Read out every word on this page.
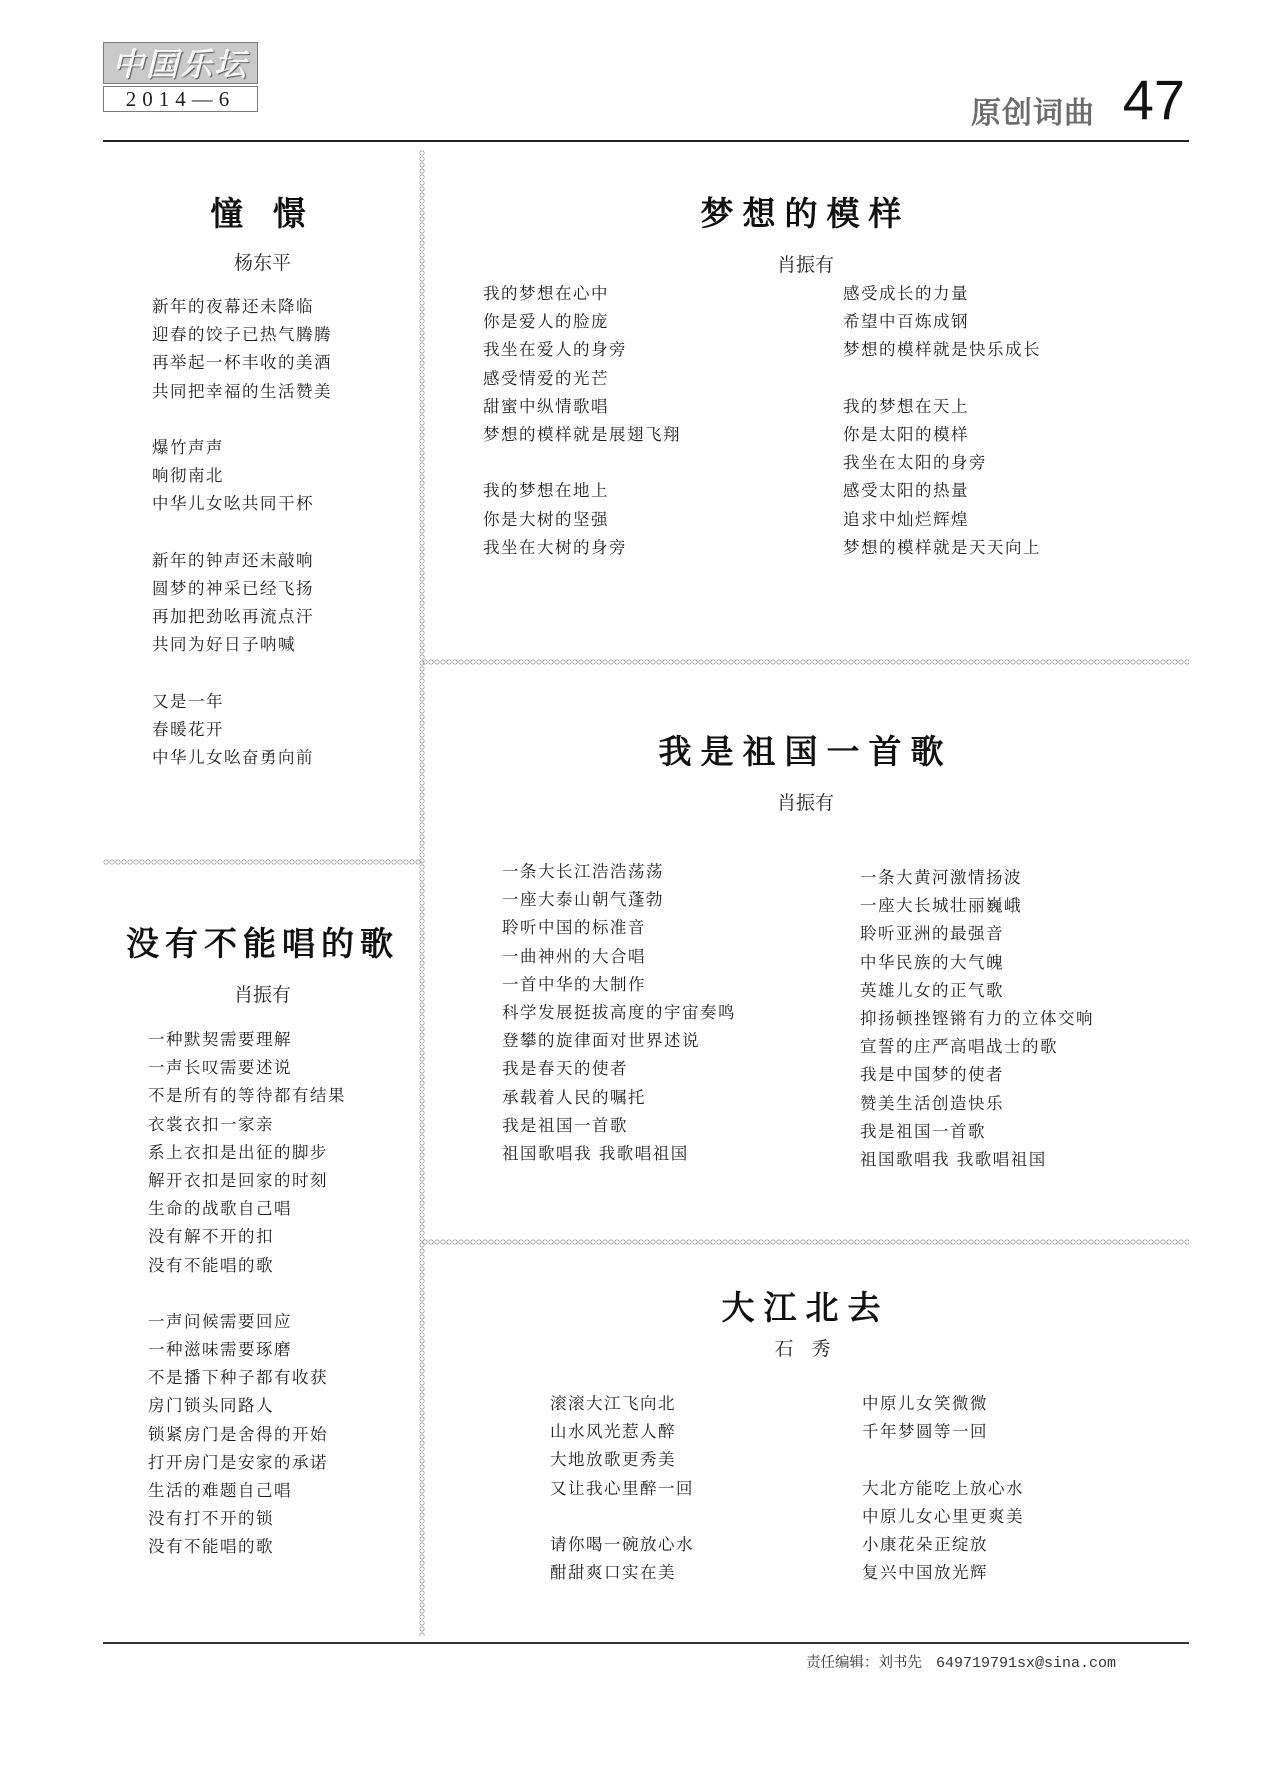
中国乐坛
2014—6	原创词曲 47
憧 憬
杨东平
新年的夜幕还未降临
迎春的饺子已热气腾腾
再举起一杯丰收的美酒
共同把幸福的生活赞美
爆竹声声
响彻南北
中华儿女吆共同干杯
新年的钟声还未敲响
圆梦的神采已经飞扬
再加把劲吆再流点汗
共同为好日子呐喊
又是一年
春暖花开
中华儿女吆奋勇向前
没有不能唱的歌
肖振有
一种默契需要理解
一声长叹需要述说
不是所有的等待都有结果
衣裳衣扣一家亲
系上衣扣是出征的脚步
解开衣扣是回家的时刻
生命的战歌自己唱
没有解不开的扣
没有不能唱的歌
一声问候需要回应
一种滋味需要琢磨
不是播下种子都有收获
房门锁头同路人
锁紧房门是舍得的开始
打开房门是安家的承诺
生活的难题自己唱
没有打不开的锁
没有不能唱的歌
梦想的模样
肖振有
我的梦想在心中
你是爱人的脸庞
我坐在爱人的身旁
感受情爱的光芒
甜蜜中纵情歌唱
梦想的模样就是展翅飞翔
我的梦想在地上
你是大树的坚强
我坐在大树的身旁
感受成长的力量
希望中百炼成钢
梦想的模样就是快乐成长
我的梦想在天上
你是太阳的模样
我坐在太阳的身旁
感受太阳的热量
追求中灿烂辉煌
梦想的模样就是天天向上
我是祖国一首歌
肖振有
一条大长江浩浩荡荡
一座大泰山朝气蓬勃
聆听中国的标准音
一曲神州的大合唱
一首中华的大制作
科学发展挺拔高度的宇宙奏鸣
登攀的旋律面对世界述说
我是春天的使者
承载着人民的嘱托
我是祖国一首歌
祖国歌唱我 我歌唱祖国
一条大黄河激情扬波
一座大长城壮丽巍峨
聆听亚洲的最强音
中华民族的大气魄
英雄儿女的正气歌
抑扬顿挫铿锵有力的立体交响
宣誓的庄严高唱战士的歌
我是中国梦的使者
赞美生活创造快乐
我是祖国一首歌
祖国歌唱我 我歌唱祖国
大江北去
石 秀
滚滚大江飞向北
山水风光惹人醉
大地放歌更秀美
又让我心里醉一回
请你喝一碗放心水
酣甜爽口实在美
中原儿女笑微微
千年梦圆等一回
大北方能吃上放心水
中原儿女心里更爽美
小康花朵正绽放
复兴中国放光辉
责任编辑：刘书先 649719791sx@sina.com
